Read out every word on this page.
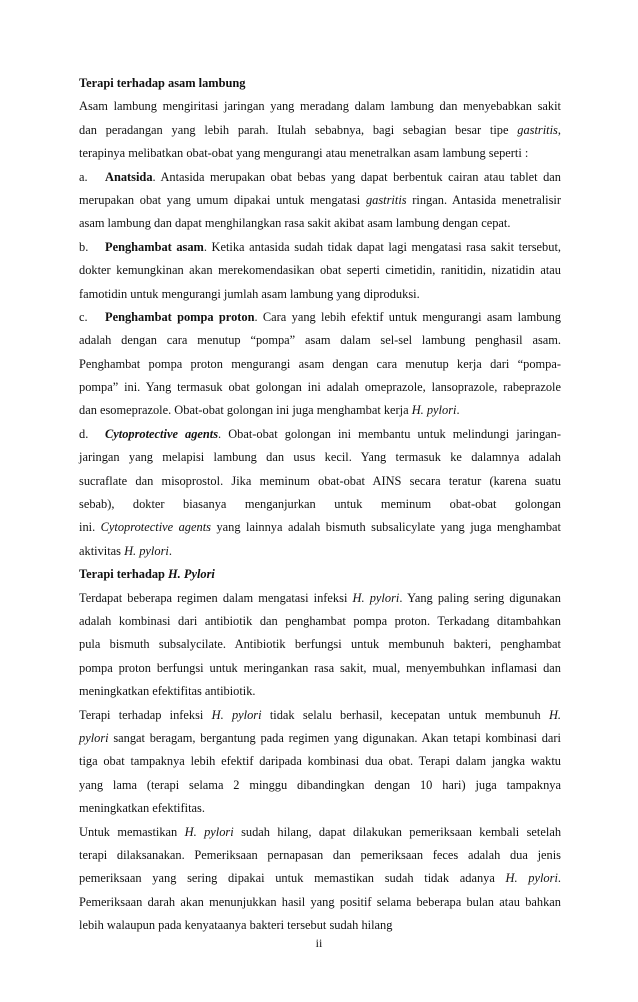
Terapi terhadap asam lambung
Asam lambung mengiritasi jaringan yang meradang dalam lambung dan menyebabkan sakit
dan peradangan yang lebih parah. Itulah sebabnya, bagi sebagian besar tipe gastritis,
terapinya melibatkan obat-obat yang mengurangi atau menetralkan asam lambung seperti :
a. Anatsida. Antasida merupakan obat bebas yang dapat berbentuk cairan atau tablet dan
merupakan obat yang umum dipakai untuk mengatasi gastritis ringan. Antasida menetralisir
asam lambung dan dapat menghilangkan rasa sakit akibat asam lambung dengan cepat.
b. Penghambat asam. Ketika antasida sudah tidak dapat lagi mengatasi rasa sakit tersebut,
dokter kemungkinan akan merekomendasikan obat seperti cimetidin, ranitidin, nizatidin atau
famotidin untuk mengurangi jumlah asam lambung yang diproduksi.
c. Penghambat pompa proton. Cara yang lebih efektif untuk mengurangi asam lambung
adalah dengan cara menutup “pompa” asam dalam sel-sel lambung penghasil asam.
Penghambat pompa proton mengurangi asam dengan cara menutup kerja dari “pompa-
pompa” ini. Yang termasuk obat golongan ini adalah omeprazole, lansoprazole, rabeprazole
dan esomeprazole. Obat-obat golongan ini juga menghambat kerja H. pylori.
d. Cytoprotective agents. Obat-obat golongan ini membantu untuk melindungi jaringan-
jaringan yang melapisi lambung dan usus kecil. Yang termasuk ke dalamnya adalah
sucraflate dan misoprostol. Jika meminum obat-obat AINS secara teratur (karena suatu
sebab), dokter biasanya menganjurkan untuk meminum obat-obat golongan
ini. Cytoprotective agents yang lainnya adalah bismuth subsalicylate yang juga menghambat
aktivitas H. pylori.
Terapi terhadap H. Pylori
Terdapat beberapa regimen dalam mengatasi infeksi H. pylori. Yang paling sering digunakan
adalah kombinasi dari antibiotik dan penghambat pompa proton. Terkadang ditambahkan
pula bismuth subsalycilate. Antibiotik berfungsi untuk membunuh bakteri, penghambat
pompa proton berfungsi untuk meringankan rasa sakit, mual, menyembuhkan inflamasi dan
meningkatkan efektifitas antibiotik.
Terapi terhadap infeksi H. pylori tidak selalu berhasil, kecepatan untuk membunuh H.
pylori sangat beragam, bergantung pada regimen yang digunakan. Akan tetapi kombinasi dari
tiga obat tampaknya lebih efektif daripada kombinasi dua obat. Terapi dalam jangka waktu
yang lama (terapi selama 2 minggu dibandingkan dengan 10 hari) juga tampaknya
meningkatkan efektifitas.
Untuk memastikan H. pylori sudah hilang, dapat dilakukan pemeriksaan kembali setelah
terapi dilaksanakan. Pemeriksaan pernapasan dan pemeriksaan feces adalah dua jenis
pemeriksaan yang sering dipakai untuk memastikan sudah tidak adanya H. pylori.
Pemeriksaan darah akan menunjukkan hasil yang positif selama beberapa bulan atau bahkan
lebih walaupun pada kenyataanya bakteri tersebut sudah hilang
ii
